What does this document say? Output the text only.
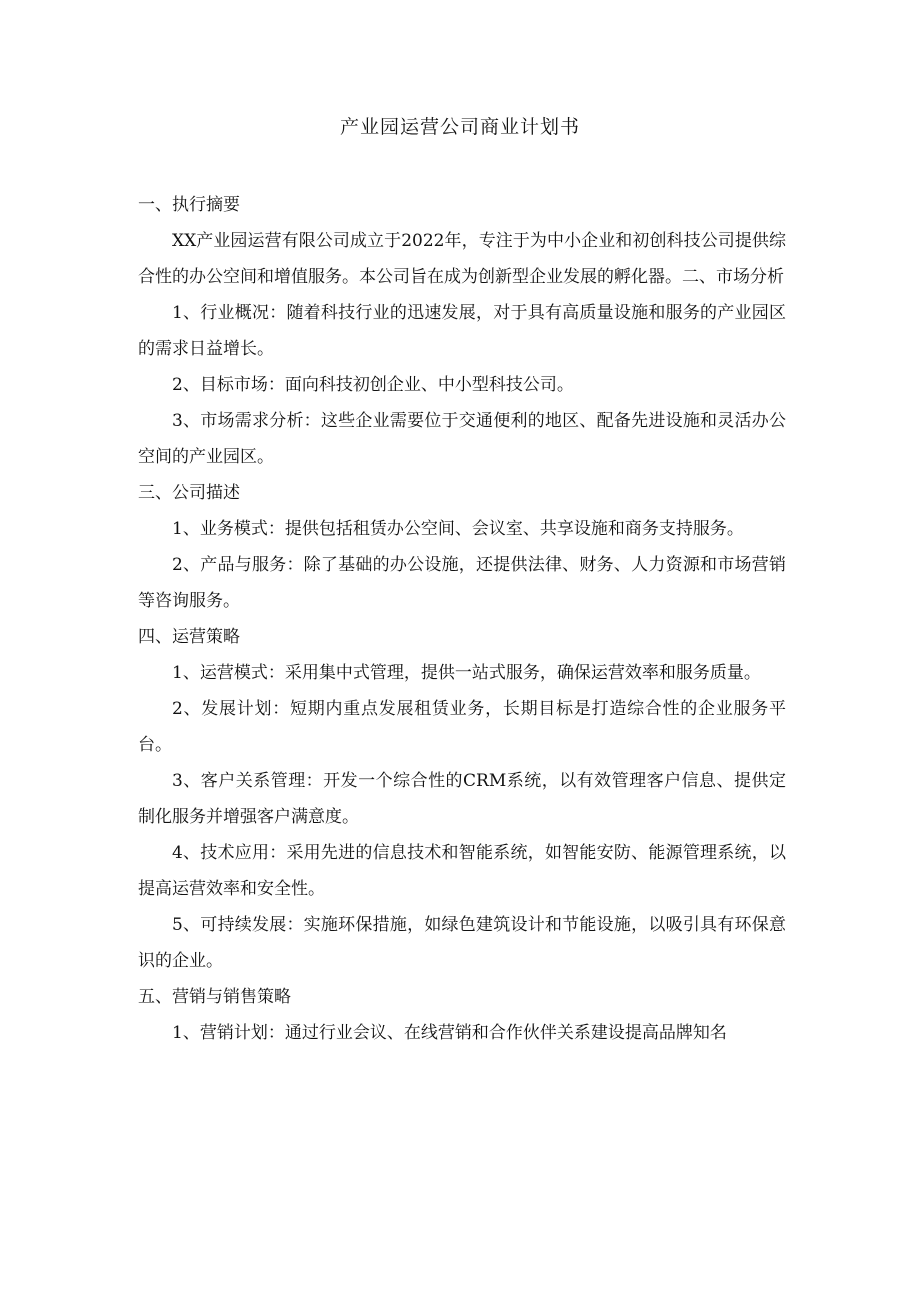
产业园运营公司商业计划书

一、执行摘要

XX产业园运营有限公司成立于2022年，专注于为中小企业和初创科技公司提供综合性的办公空间和增值服务。本公司旨在成为创新型企业发展的孵化器。二、市场分析

1、行业概况：随着科技行业的迅速发展，对于具有高质量设施和服务的产业园区的需求日益增长。

2、目标市场：面向科技初创企业、中小型科技公司。

3、市场需求分析：这些企业需要位于交通便利的地区、配备先进设施和灵活办公空间的产业园区。

三、公司描述

1、业务模式：提供包括租赁办公空间、会议室、共享设施和商务支持服务。

2、产品与服务：除了基础的办公设施，还提供法律、财务、人力资源和市场营销等咨询服务。

四、运营策略

1、运营模式：采用集中式管理，提供一站式服务，确保运营效率和服务质量。

2、发展计划：短期内重点发展租赁业务，长期目标是打造综合性的企业服务平台。

3、客户关系管理：开发一个综合性的CRM系统，以有效管理客户信息、提供定制化服务并增强客户满意度。

4、技术应用：采用先进的信息技术和智能系统，如智能安防、能源管理系统，以提高运营效率和安全性。

5、可持续发展：实施环保措施，如绿色建筑设计和节能设施，以吸引具有环保意识的企业。

五、营销与销售策略

1、营销计划：通过行业会议、在线营销和合作伙伴关系建设提高品牌知名
